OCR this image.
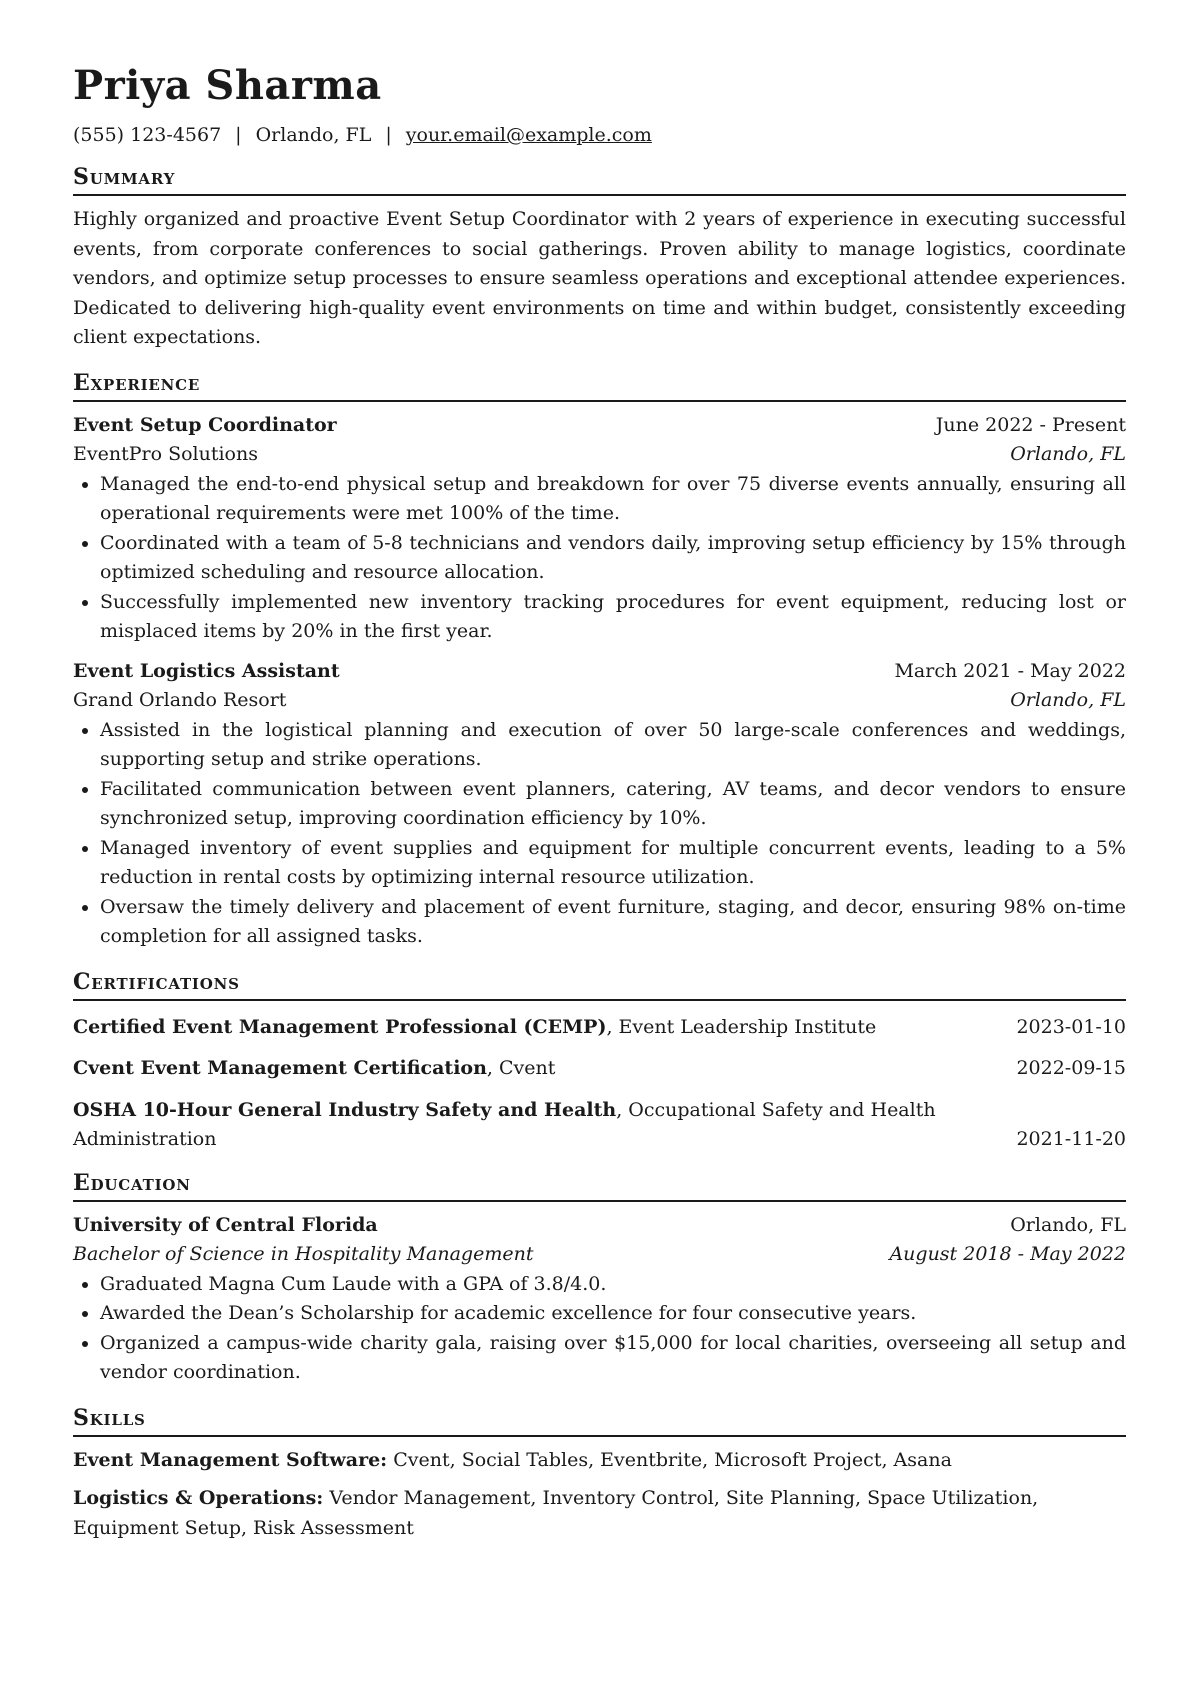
Priya Sharma
(555) 123-4567 | Orlando, FL | your.email@example.com
Summary
Highly organized and proactive Event Setup Coordinator with 2 years of experience in executing successful events, from corporate conferences to social gatherings. Proven ability to manage logistics, coordinate vendors, and optimize setup processes to ensure seamless operations and exceptional attendee experiences. Dedicated to delivering high-quality event environments on time and within budget, consistently exceeding client expectations.
Experience
Event Setup Coordinator	June 2022 - Present
EventPro Solutions	Orlando, FL
Managed the end-to-end physical setup and breakdown for over 75 diverse events annually, ensuring all operational requirements were met 100% of the time.
Coordinated with a team of 5-8 technicians and vendors daily, improving setup efficiency by 15% through optimized scheduling and resource allocation.
Successfully implemented new inventory tracking procedures for event equipment, reducing lost or misplaced items by 20% in the first year.
Event Logistics Assistant	March 2021 - May 2022
Grand Orlando Resort	Orlando, FL
Assisted in the logistical planning and execution of over 50 large-scale conferences and weddings, supporting setup and strike operations.
Facilitated communication between event planners, catering, AV teams, and decor vendors to ensure synchronized setup, improving coordination efficiency by 10%.
Managed inventory of event supplies and equipment for multiple concurrent events, leading to a 5% reduction in rental costs by optimizing internal resource utilization.
Oversaw the timely delivery and placement of event furniture, staging, and decor, ensuring 98% on-time completion for all assigned tasks.
Certifications
Certified Event Management Professional (CEMP), Event Leadership Institute	2023-01-10
Cvent Event Management Certification, Cvent	2022-09-15
OSHA 10-Hour General Industry Safety and Health, Occupational Safety and Health Administration	2021-11-20
Education
University of Central Florida	Orlando, FL
Bachelor of Science in Hospitality Management	August 2018 - May 2022
Graduated Magna Cum Laude with a GPA of 3.8/4.0.
Awarded the Dean’s Scholarship for academic excellence for four consecutive years.
Organized a campus-wide charity gala, raising over $15,000 for local charities, overseeing all setup and vendor coordination.
Skills
Event Management Software: Cvent, Social Tables, Eventbrite, Microsoft Project, Asana
Logistics & Operations: Vendor Management, Inventory Control, Site Planning, Space Utilization, Equipment Setup, Risk Assessment
